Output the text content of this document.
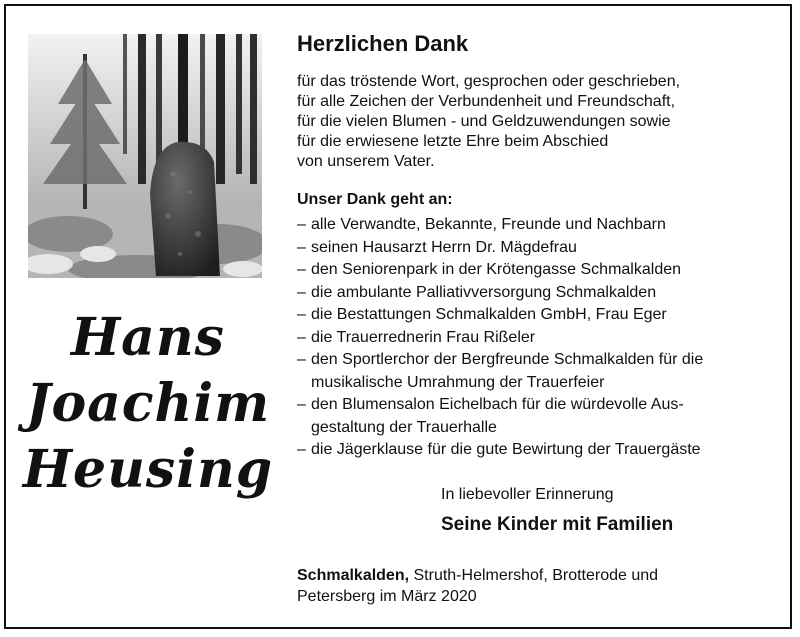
Hans
Joachim
Heusing
Herzlichen Dank
für das tröstende Wort, gesprochen oder geschrieben,
für alle Zeichen der Verbundenheit und Freundschaft,
für die vielen Blumen - und Geldzuwendungen sowie
für die erwiesene letzte Ehre beim Abschied
von unserem Vater.
Unser Dank geht an:
– alle Verwandte, Bekannte, Freunde und Nachbarn
– seinen Hausarzt Herrn Dr. Mägdefrau
– den Seniorenpark in der Krötengasse Schmalkalden
– die ambulante Palliativversorgung Schmalkalden
– die Bestattungen Schmalkalden GmbH, Frau Eger
– die Trauerrednerin Frau Rißeler
– den Sportlerchor der Bergfreunde Schmalkalden für die
musikalische Umrahmung der Trauerfeier
– den Blumensalon Eichelbach für die würdevolle Aus-
gestaltung der Trauerhalle
– die Jägerklause für die gute Bewirtung der Trauergäste
In liebevoller Erinnerung
Seine Kinder mit Familien
Schmalkalden, Struth-Helmershof, Brotterode und
Petersberg im März 2020
